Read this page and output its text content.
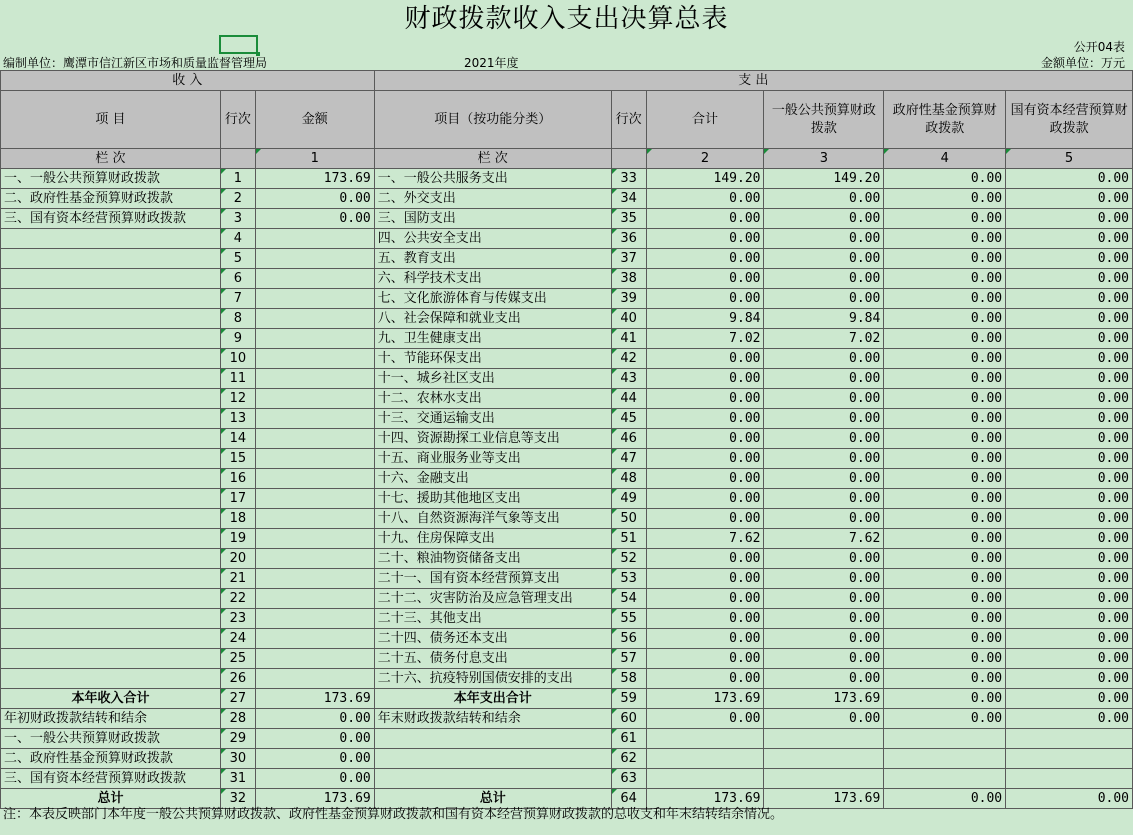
财政拨款收入支出决算总表
公开04表
编制单位：鹰潭市信江新区市场和质量监督管理局	2021年度	金额单位：万元
收 入			支 出					
项 目	行次	金额	项目（按功能分类）	行次	合计	一般公共预算财政拨款	政府性基金预算财政拨款	国有资本经营预算财政拨款
栏 次		1	栏 次		2	3	4	5
一、一般公共预算财政拨款	1	173.69	一、一般公共服务支出	33	149.20	149.20	0.00	0.00
二、政府性基金预算财政拨款	2	0.00	二、外交支出	34	0.00	0.00	0.00	0.00
三、国有资本经营预算财政拨款	3	0.00	三、国防支出	35	0.00	0.00	0.00	0.00
	4		四、公共安全支出	36	0.00	0.00	0.00	0.00
	5		五、教育支出	37	0.00	0.00	0.00	0.00
	6		六、科学技术支出	38	0.00	0.00	0.00	0.00
	7		七、文化旅游体育与传媒支出	39	0.00	0.00	0.00	0.00
	8		八、社会保障和就业支出	40	9.84	9.84	0.00	0.00
	9		九、卫生健康支出	41	7.02	7.02	0.00	0.00
	10		十、节能环保支出	42	0.00	0.00	0.00	0.00
	11		十一、城乡社区支出	43	0.00	0.00	0.00	0.00
	12		十二、农林水支出	44	0.00	0.00	0.00	0.00
	13		十三、交通运输支出	45	0.00	0.00	0.00	0.00
	14		十四、资源勘探工业信息等支出	46	0.00	0.00	0.00	0.00
	15		十五、商业服务业等支出	47	0.00	0.00	0.00	0.00
	16		十六、金融支出	48	0.00	0.00	0.00	0.00
	17		十七、援助其他地区支出	49	0.00	0.00	0.00	0.00
	18		十八、自然资源海洋气象等支出	50	0.00	0.00	0.00	0.00
	19		十九、住房保障支出	51	7.62	7.62	0.00	0.00
	20		二十、粮油物资储备支出	52	0.00	0.00	0.00	0.00
	21		二十一、国有资本经营预算支出	53	0.00	0.00	0.00	0.00
	22		二十二、灾害防治及应急管理支出	54	0.00	0.00	0.00	0.00
	23		二十三、其他支出	55	0.00	0.00	0.00	0.00
	24		二十四、债务还本支出	56	0.00	0.00	0.00	0.00
	25		二十五、债务付息支出	57	0.00	0.00	0.00	0.00
	26		二十六、抗疫特别国债安排的支出	58	0.00	0.00	0.00	0.00
本年收入合计	27	173.69	本年支出合计	59	173.69	173.69	0.00	0.00
年初财政拨款结转和结余	28	0.00	年末财政拨款结转和结余	60	0.00	0.00	0.00	0.00
一、一般公共预算财政拨款	29	0.00		61				
二、政府性基金预算财政拨款	30	0.00		62				
三、国有资本经营预算财政拨款	31	0.00		63				
总计	32	173.69	总计	64	173.69	173.69	0.00	0.00
注：本表反映部门本年度一般公共预算财政拨款、政府性基金预算财政拨款和国有资本经营预算财政拨款的总收支和年末结转结余情况。
